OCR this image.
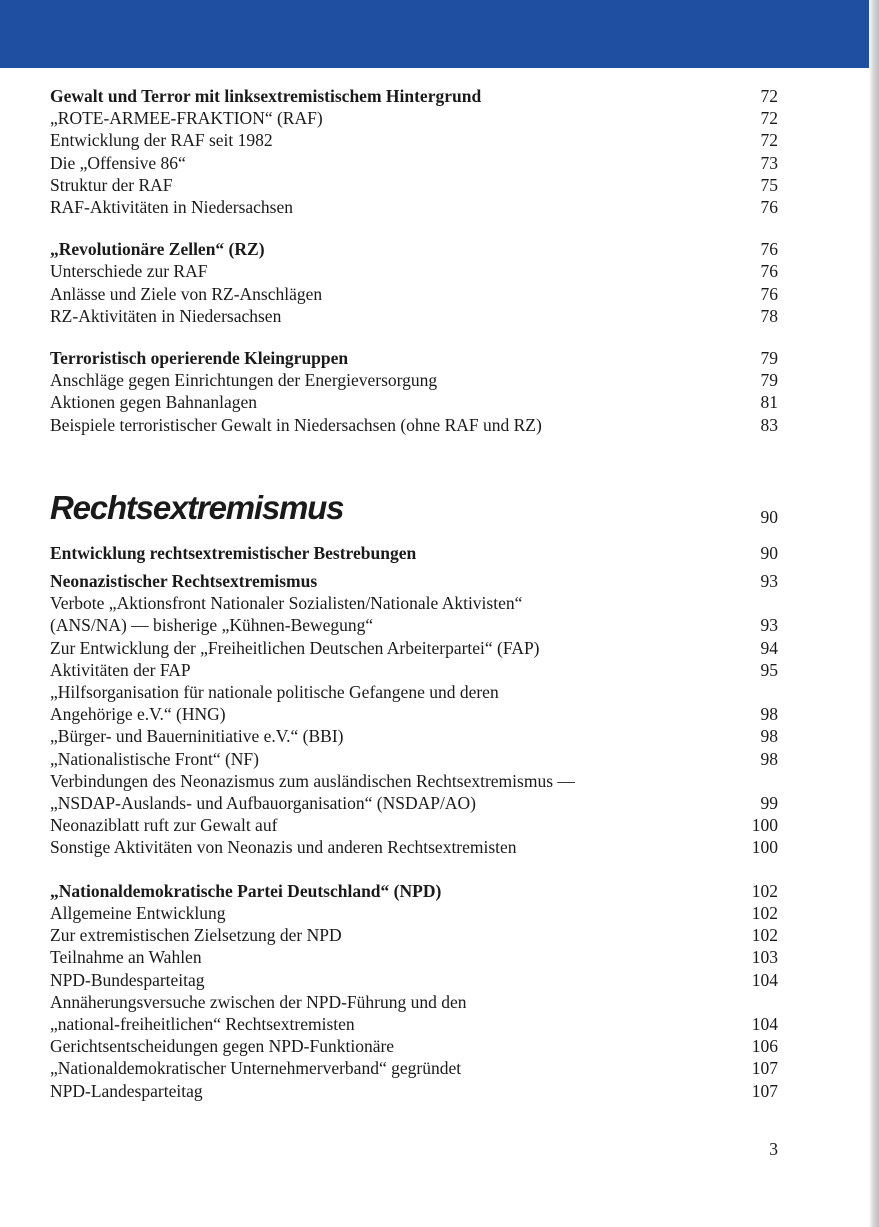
Gewalt und Terror mit linksextremistischem Hintergrund	72
„ROTE-ARMEE-FRAKTION“ (RAF)	72
Entwicklung der RAF seit 1982	72
Die „Offensive 86“	73
Struktur der RAF	75
RAF-Aktivitäten in Niedersachsen	76
„Revolutionäre Zellen“ (RZ)	76
Unterschiede zur RAF	76
Anlässe und Ziele von RZ-Anschlägen	76
RZ-Aktivitäten in Niedersachsen	78
Terroristisch operierende Kleingruppen	79
Anschläge gegen Einrichtungen der Energieversorgung	79
Aktionen gegen Bahnanlagen	81
Beispiele terroristischer Gewalt in Niedersachsen (ohne RAF und RZ)	83
Rechtsextremismus	90
Entwicklung rechtsextremistischer Bestrebungen	90
Neonazistischer Rechtsextremismus	93
Verbote „Aktionsfront Nationaler Sozialisten/Nationale Aktivisten“
(ANS/NA) — bisherige „Kühnen-Bewegung“	93
Zur Entwicklung der „Freiheitlichen Deutschen Arbeiterpartei“ (FAP)	94
Aktivitäten der FAP	95
„Hilfsorganisation für nationale politische Gefangene und deren
Angehörige e.V.“ (HNG)	98
„Bürger- und Bauerninitiative e.V.“ (BBI)	98
„Nationalistische Front“ (NF)	98
Verbindungen des Neonazismus zum ausländischen Rechtsextremismus —
„NSDAP-Auslands- und Aufbauorganisation“ (NSDAP/AO)	99
Neonaziblatt ruft zur Gewalt auf	100
Sonstige Aktivitäten von Neonazis und anderen Rechtsextremisten	100
„Nationaldemokratische Partei Deutschland“ (NPD)	102
Allgemeine Entwicklung	102
Zur extremistischen Zielsetzung der NPD	102
Teilnahme an Wahlen	103
NPD-Bundesparteitag	104
Annäherungsversuche zwischen der NPD-Führung und den
„national-freiheitlichen“ Rechtsextremisten	104
Gerichtsentscheidungen gegen NPD-Funktionäre	106
„Nationaldemokratischer Unternehmerverband“ gegründet	107
NPD-Landesparteitag	107
3
